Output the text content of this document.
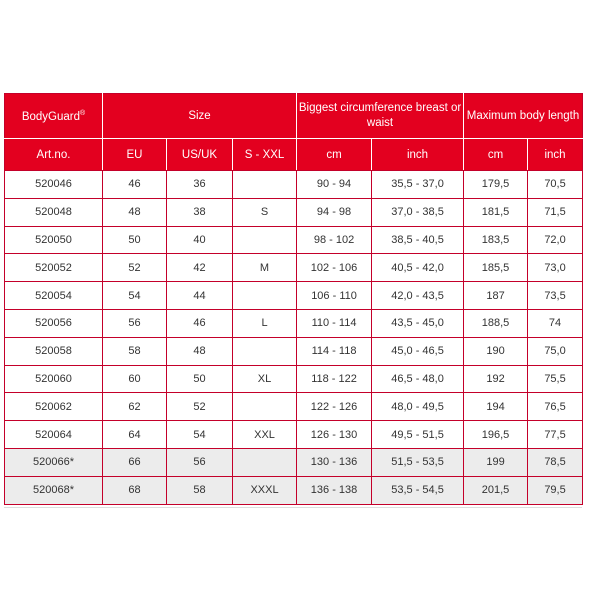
BodyGuard®	Size			Biggest circumference breast or waist		Maximum body length	
Art.no.	EU	US/UK	S - XXL	cm	inch	cm	inch
520046	46	36		90 - 94	35,5 - 37,0	179,5	70,5
520048	48	38	S	94 - 98	37,0 - 38,5	181,5	71,5
520050	50	40		98 - 102	38,5 - 40,5	183,5	72,0
520052	52	42	M	102 - 106	40,5 - 42,0	185,5	73,0
520054	54	44		106 - 110	42,0 - 43,5	187	73,5
520056	56	46	L	110 - 114	43,5 - 45,0	188,5	74
520058	58	48		114 - 118	45,0 - 46,5	190	75,0
520060	60	50	XL	118 - 122	46,5 - 48,0	192	75,5
520062	62	52		122 - 126	48,0 - 49,5	194	76,5
520064	64	54	XXL	126 - 130	49,5 - 51,5	196,5	77,5
520066*	66	56		130 - 136	51,5 - 53,5	199	78,5
520068*	68	58	XXXL	136 - 138	53,5 - 54,5	201,5	79,5
